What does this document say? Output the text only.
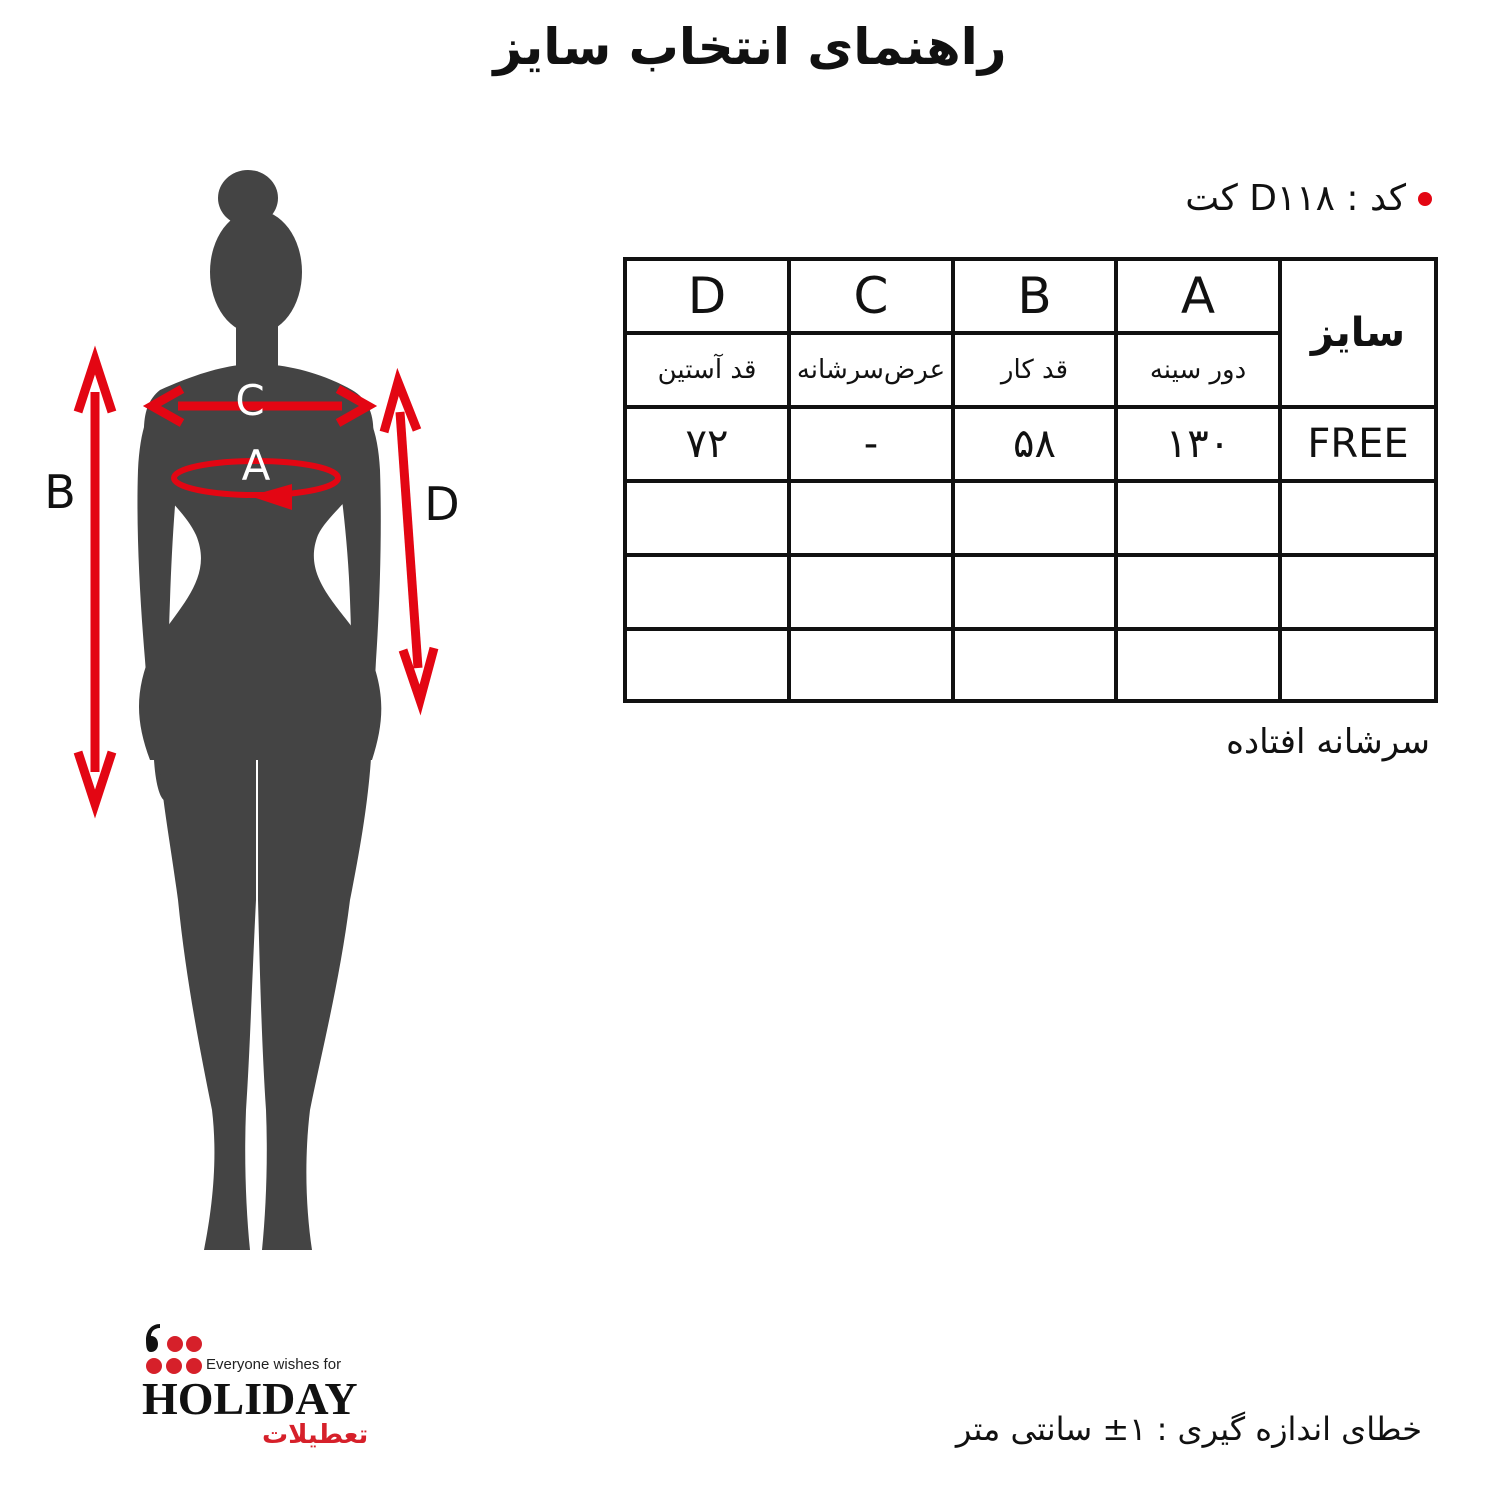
راهنمای انتخاب سایز
C
A
B	D
کد : D۱۱۸ کت
D	C	B	A	سایز
قد آستین	عرض‌سرشانه	قد کار	دور سینه	
۷۲	-	۵۸	۱۳۰	FREE

سرشانه افتاده
خطای اندازه گیری : ۱± سانتی متر
Everyone wishes for
HOLIDAY
تعطیلات
